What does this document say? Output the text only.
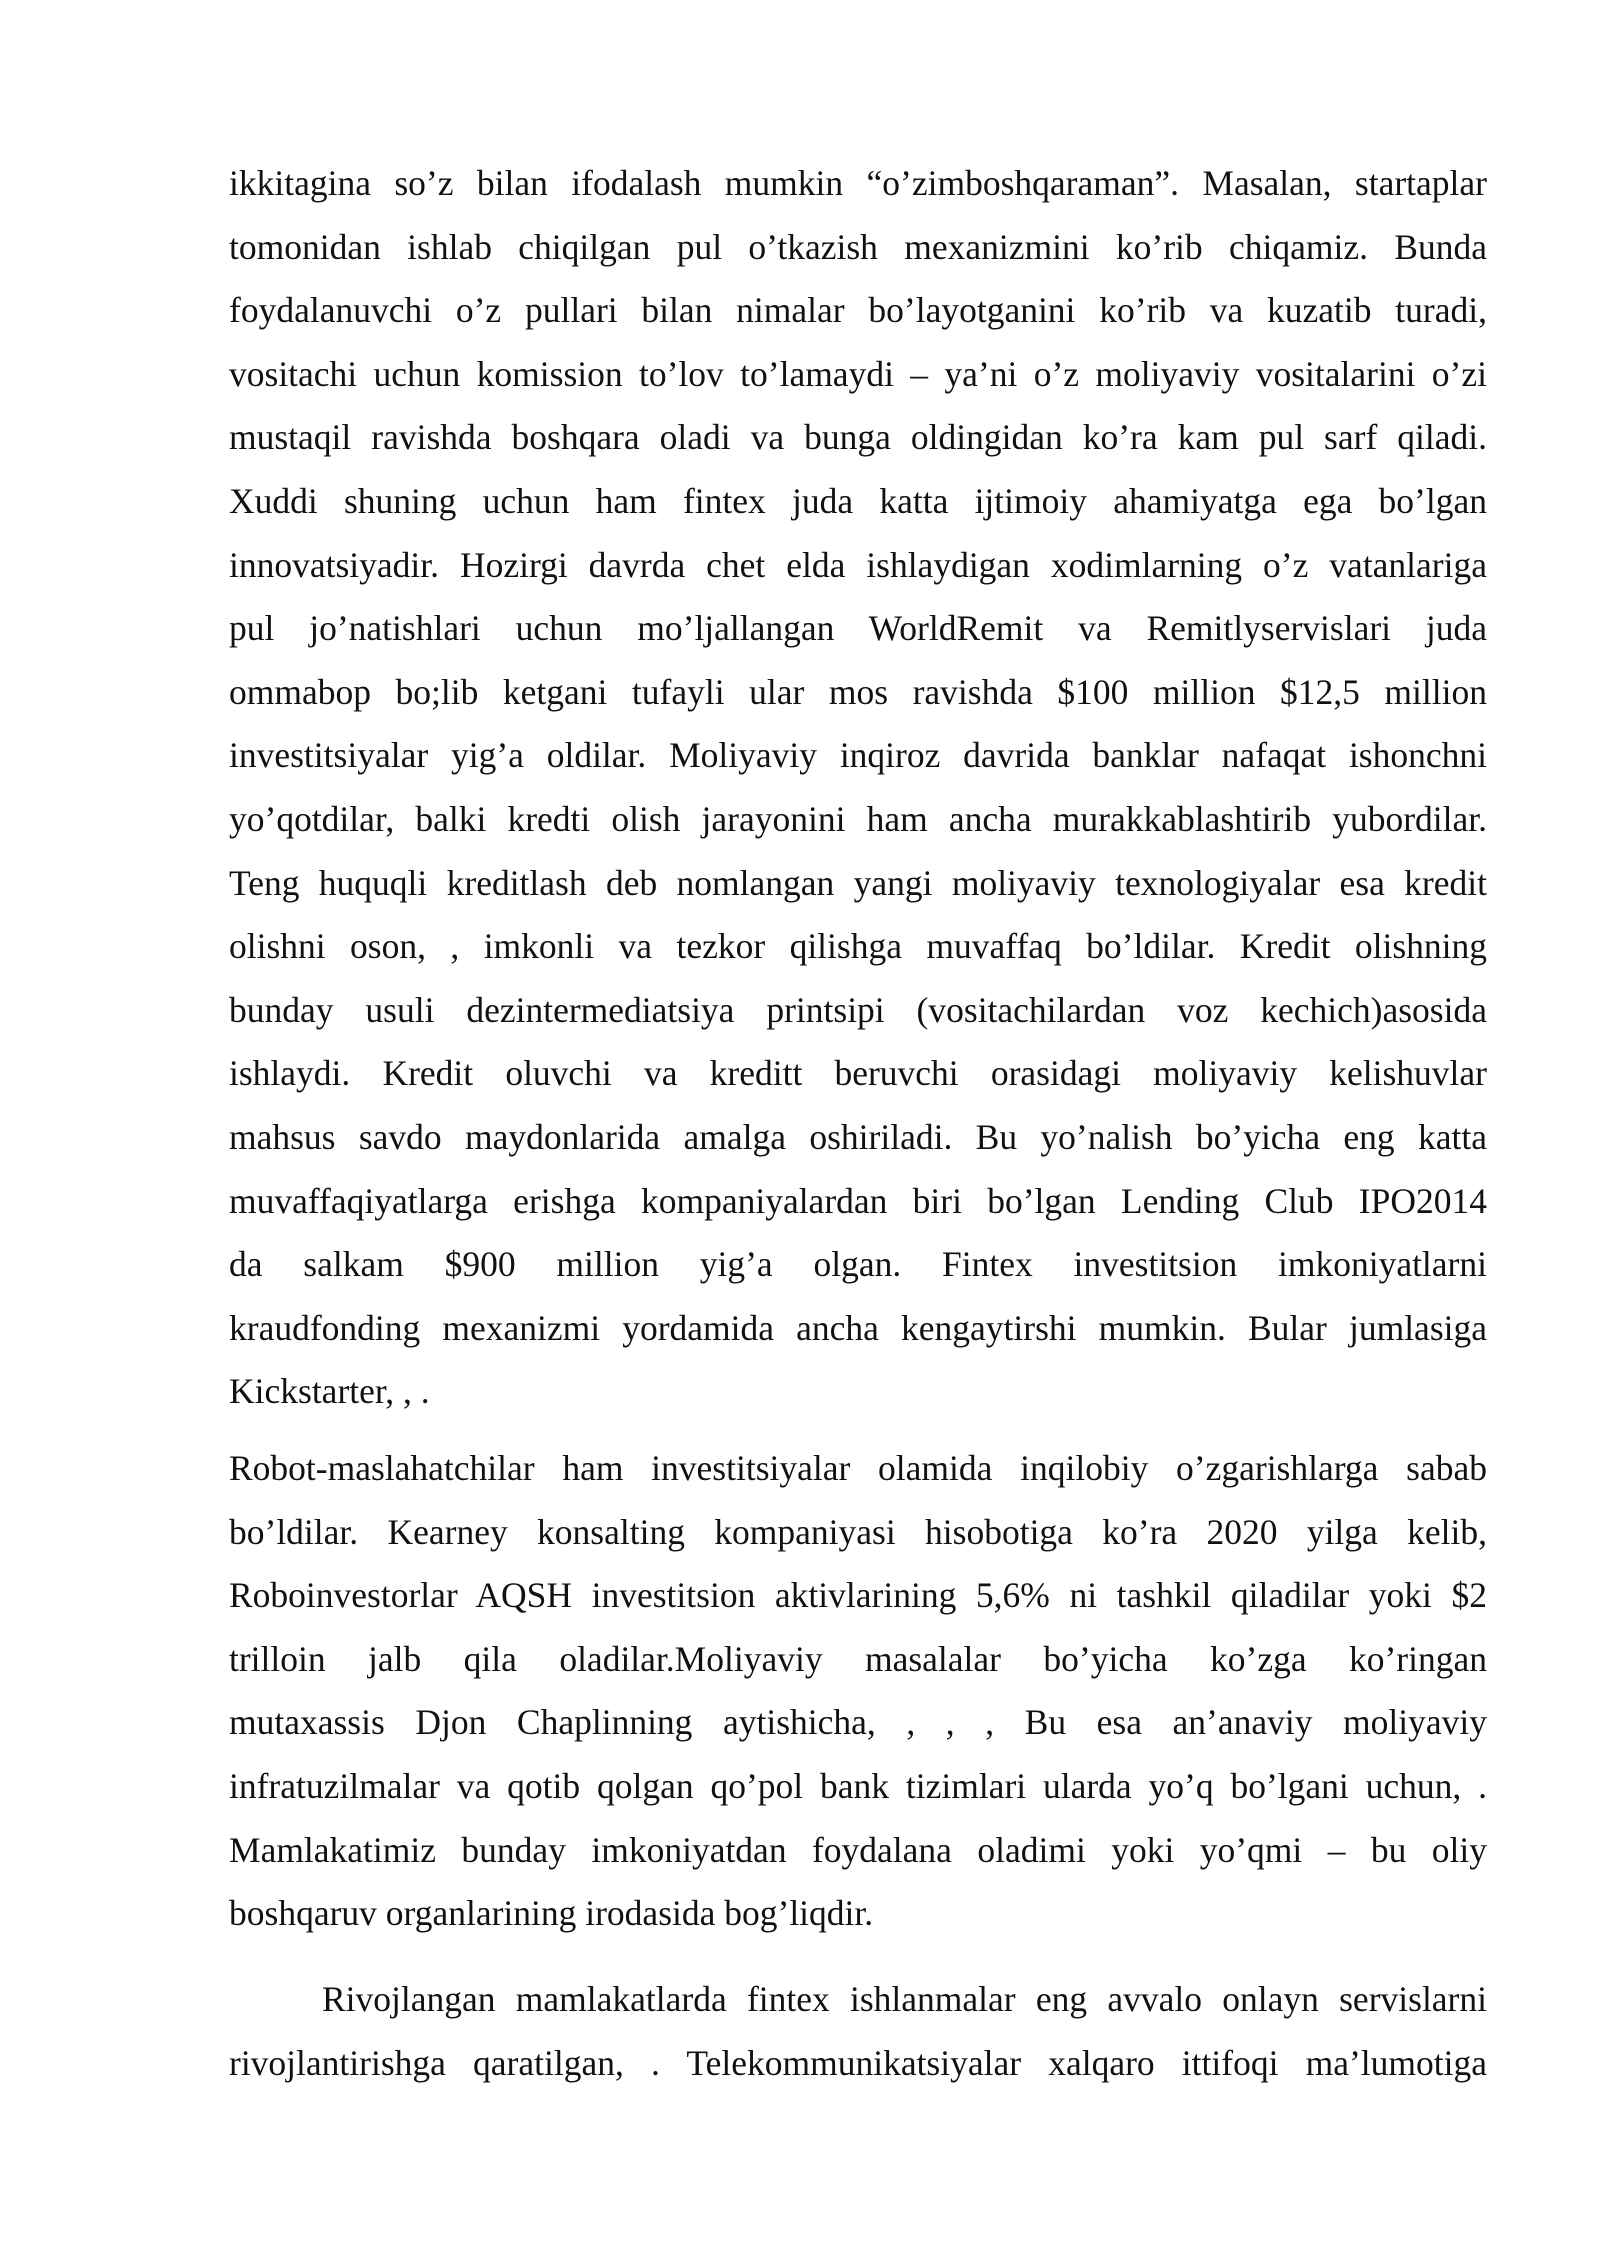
ikkitagina so’z bilan ifodalash mumkin “o’zimboshqaraman”. Masalan, startaplar
tomonidan ishlab chiqilgan pul o’tkazish mexanizmini ko’rib chiqamiz. Bunda
foydalanuvchi o’z pullari bilan nimalar bo’layotganini ko’rib va kuzatib turadi,
vositachi uchun komission to’lov to’lamaydi – ya’ni o’z moliyaviy vositalarini o’zi
mustaqil ravishda boshqara oladi va bunga oldingidan ko’ra kam pul sarf qiladi.
Xuddi shuning uchun ham fintex juda katta ijtimoiy ahamiyatga ega bo’lgan
innovatsiyadir. Hozirgi davrda chet elda ishlaydigan xodimlarning o’z vatanlariga
pul jo’natishlari uchun mo’ljallangan WorldRemit va Remitlyservislari juda
ommabop bo;lib ketgani tufayli ular mos ravishda $100 million $12,5 million
investitsiyalar yig’a oldilar. Moliyaviy inqiroz davrida banklar nafaqat ishonchni
yo’qotdilar, balki kredti olish jarayonini ham ancha murakkablashtirib yubordilar.
Teng huquqli kreditlash deb nomlangan yangi moliyaviy texnologiyalar esa kredit
olishni oson, , imkonli va tezkor qilishga muvaffaq bo’ldilar. Kredit olishning
bunday usuli dezintermediatsiya printsipi (vositachilardan voz kechich)asosida
ishlaydi. Kredit oluvchi va kreditt beruvchi orasidagi moliyaviy kelishuvlar
mahsus savdo maydonlarida amalga oshiriladi. Bu yo’nalish bo’yicha eng katta
muvaffaqiyatlarga erishga kompaniyalardan biri bo’lgan Lending Club IPO2014
da salkam $900 million yig’a olgan. Fintex investitsion imkoniyatlarni
kraudfonding mexanizmi yordamida ancha kengaytirshi mumkin. Bular jumlasiga
Kickstarter, , .
Robot-maslahatchilar ham investitsiyalar olamida inqilobiy o’zgarishlarga sabab
bo’ldilar. Kearney konsalting kompaniyasi hisobotiga ko’ra 2020 yilga kelib,
Roboinvestorlar AQSH investitsion aktivlarining 5,6% ni tashkil qiladilar yoki $2
trilloin jalb qila oladilar.Moliyaviy masalalar bo’yicha ko’zga ko’ringan
mutaxassis Djon Chaplinning aytishicha, , , , Bu esa an’anaviy moliyaviy
infratuzilmalar va qotib qolgan qo’pol bank tizimlari ularda yo’q bo’lgani uchun, .
Mamlakatimiz bunday imkoniyatdan foydalana oladimi yoki yo’qmi – bu oliy
boshqaruv organlarining irodasida bog’liqdir.
Rivojlangan mamlakatlarda fintex ishlanmalar eng avvalo onlayn servislarni
rivojlantirishga qaratilgan, . Telekommunikatsiyalar xalqaro ittifoqi ma’lumotiga
